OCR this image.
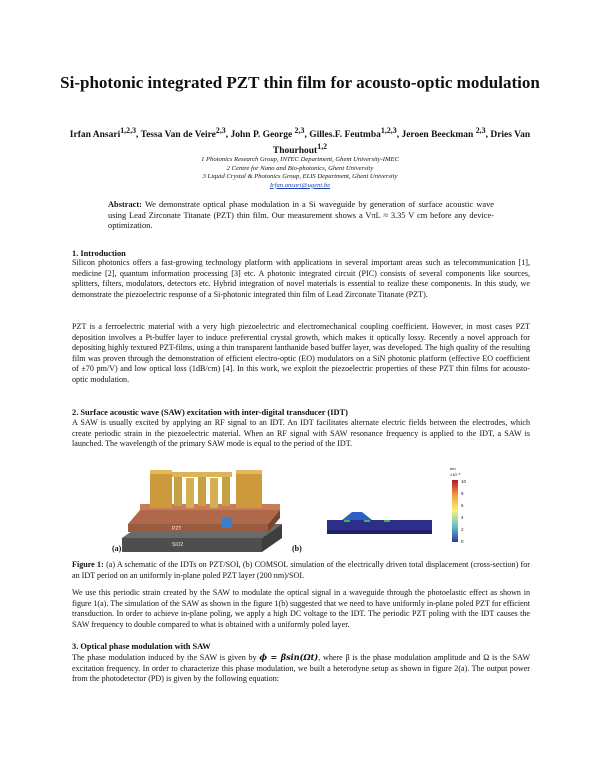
Si-photonic integrated PZT thin film for acousto-optic modulation
Irfan Ansari$^{1,2,3}$, Tessa Van de Veire$^{2,3}$, John P. George $^{2,3}$, Gilles.F. Feutmba$^{1,2,3}$, Jeroen Beeckman $^{2,3}$, Dries Van Thourhout$^{1,2}$
1 Photonics Research Group, INTEC Department, Ghent University-IMEC
2 Centre for Nano and Bio-photonics, Ghent University
3 Liquid Crystal & Photonics Group, ELIS Department, Ghent University
Irfan.ansari@ugent.be
Abstract: We demonstrate optical phase modulation in a Si waveguide by generation of surface acoustic wave using Lead Zirconate Titanate (PZT) thin film. Our measurement shows a VπL ≈ 3.35 V cm before any device-optimization.
1. Introduction
Silicon photonics offers a fast-growing technology platform with applications in several important areas such as telecommunication [1], medicine [2], quantum information processing [3] etc. A photonic integrated circuit (PIC) consists of several components like sources, splitters, filters, modulators, detectors etc. Hybrid integration of novel materials is essential to realize these components. In this study, we demonstrate the piezoelectric response of a Si-photonic integrated thin film of Lead Zirconate Titanate (PZT).
PZT is a ferroelectric material with a very high piezoelectric and electromechanical coupling coefficient. However, in most cases PZT deposition involves a Pt-buffer layer to induce preferential crystal growth, which makes it optically lossy. Recently a novel approach for depositing highly textured PZT-films, using a thin transparent lanthanide based buffer layer, was developed. The high quality of the resulting film was proven through the demonstration of efficient electro-optic (EO) modulators on a SiN photonic platform (effective EO coefficient of ±70 pm/V) and low optical loss (1dB/cm) [4]. In this work, we exploit the piezoelectric properties of these PZT thin films for acousto-optic modulation.
2. Surface acoustic wave (SAW) excitation with inter-digital transducer (IDT)
A SAW is usually excited by applying an RF signal to an IDT. An IDT facilitates alternate electric fields between the electrodes, which create periodic strain in the piezoelectric material. When an RF signal with SAW resonance frequency is applied to the IDT, a SAW is launched. The wavelength of the primary SAW mode is equal to the period of the IDT.
PZT
SiO2
nm
×10⁻³
10
8
6
4
2
0
(a)	(b)
Figure 1: (a) A schematic of the IDTs on PZT/SOI, (b) COMSOL simulation of the electrically driven total displacement (cross-section) for an IDT period on an uniformly in-plane poled PZT layer (200 nm)/SOI.
We use this periodic strain created by the SAW to modulate the optical signal in a waveguide through the photoelastic effect as shown in figure 1(a). The simulation of the SAW as shown in the figure 1(b) suggested that we need to have uniformly in-plane poled PZT for efficient transduction. In order to achieve in-plane poling, we apply a high DC voltage to the IDT. The periodic PZT poling with the IDT causes the SAW frequency to double compared to what is obtained with a uniformly poled layer.
3. Optical phase modulation with SAW
The phase modulation induced by the SAW is given by ϕ = βsin(Ωt), where β is the phase modulation amplitude and Ω is the SAW excitation frequency. In order to characterize this phase modulation, we built a heterodyne setup as shown in figure 2(a). The output power from the photodetector (PD) is given by the following equation:
